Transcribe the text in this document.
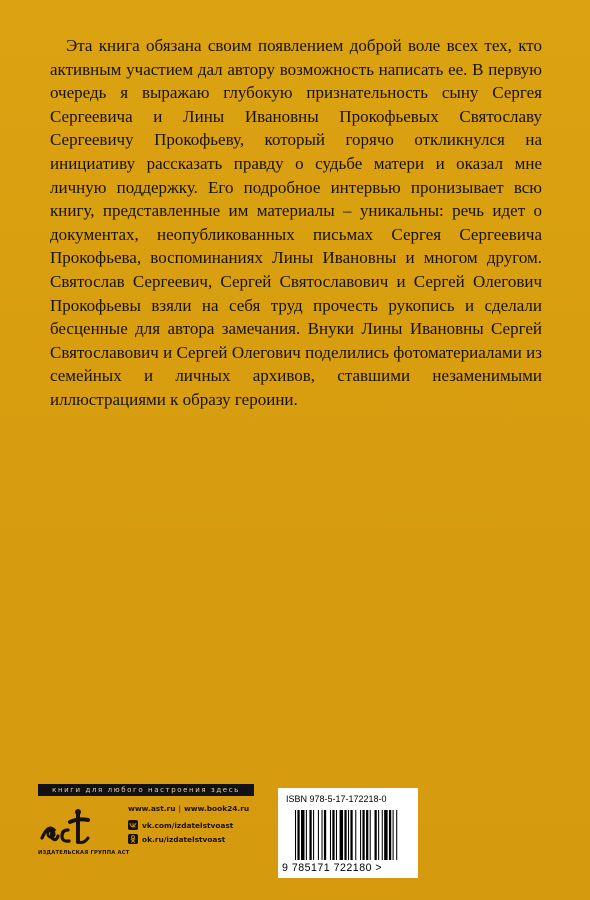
Эта книга обязана своим появлением доброй воле всех тех, кто активным участием дал автору возможность написать ее. В первую очередь я выражаю глубокую признательность сыну Сергея Сергеевича и Лины Ивановны Прокофьевых Святославу Сергеевичу Прокофьеву, который горячо откликнулся на инициативу рассказать правду о судьбе матери и оказал мне личную поддержку. Его подробное интервью пронизывает всю книгу, представленные им материалы – уникальны: речь идет о документах, неопубликованных письмах Сергея Сергеевича Прокофьева, воспоминаниях Лины Ивановны и многом другом. Святослав Сергеевич, Сергей Святославович и Сергей Олегович Прокофьевы взяли на себя труд прочесть рукопись и сделали бесценные для автора замечания. Внуки Лины Ивановны Сергей Святославович и Сергей Олегович поделились фотоматериалами из семейных и личных архивов, ставшими незаменимыми иллюстрациями к образу героини.

книги для любого настроения здесь
ИЗДАТЕЛЬСКАЯ ГРУППА АСТ
www.ast.ru | www.book24.ru
vk.com/izdatelstvoast
ok.ru/izdatelstvoast
ISBN 978-5-17-172218-0
9 785171 722180 >
